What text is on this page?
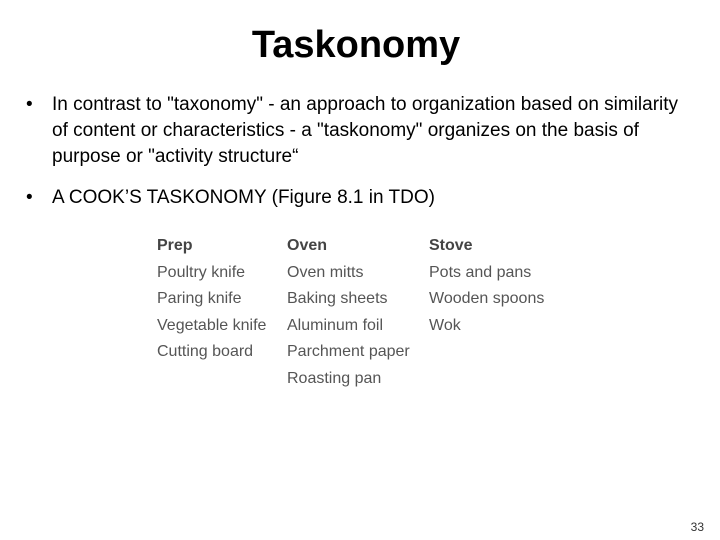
Taskonomy
• In contrast to "taxonomy" - an approach to organization based on similarity of content or characteristics - a "taskonomy" organizes on the basis of purpose or "activity structure“
• A COOK’S TASKONOMY (Figure 8.1 in TDO)
Prep
Poultry knife
Paring knife
Vegetable knife
Cutting board
Oven
Oven mitts
Baking sheets
Aluminum foil
Parchment paper
Roasting pan
Stove
Pots and pans
Wooden spoons
Wok
33
